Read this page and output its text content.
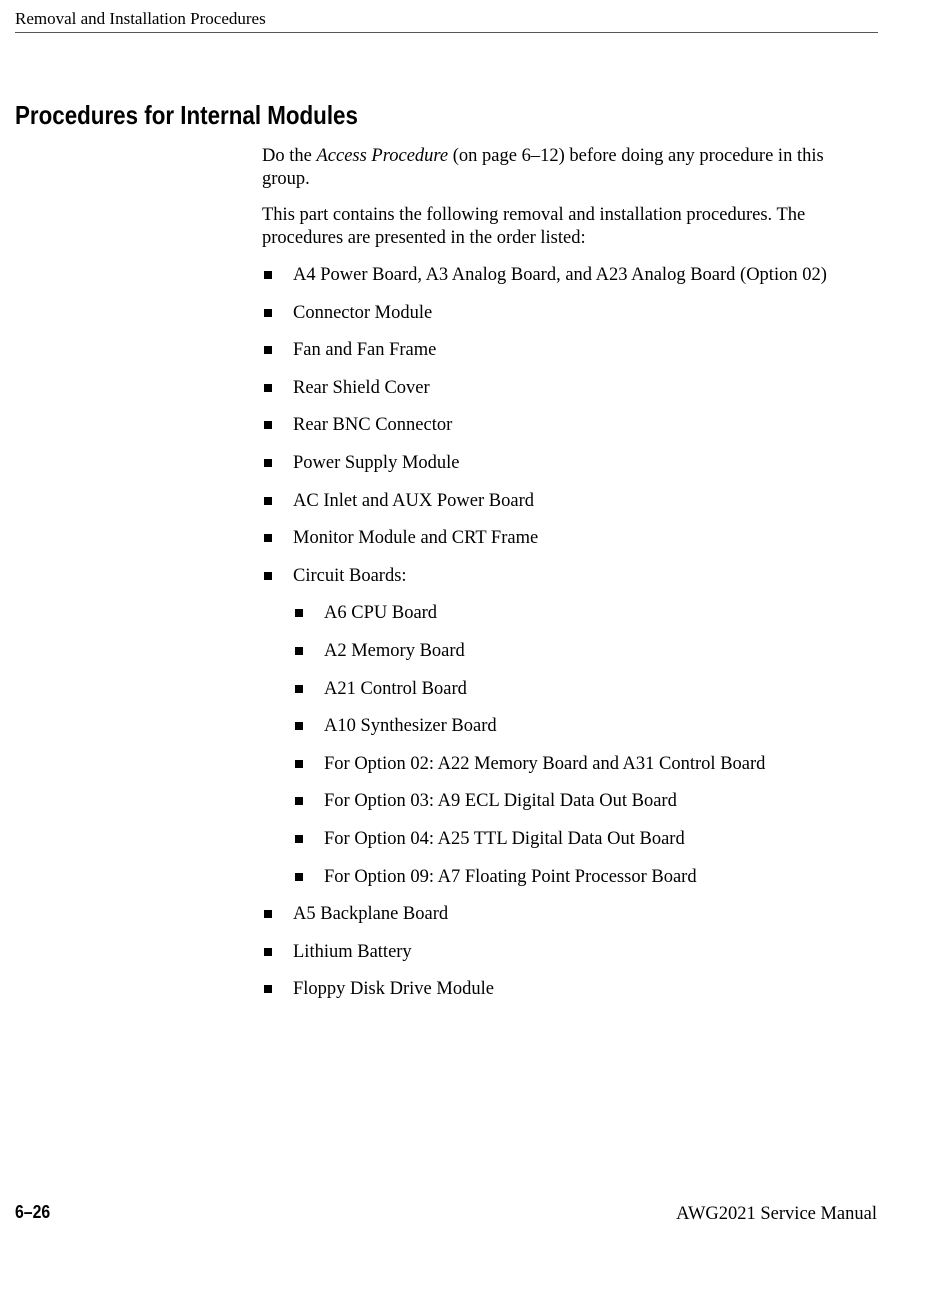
Removal and Installation Procedures
Procedures for Internal Modules

Do the Access Procedure (on page 6–12) before doing any procedure in this group.

This part contains the following removal and installation procedures. The procedures are presented in the order listed:

A4 Power Board, A3 Analog Board, and A23 Analog Board (Option 02)
Connector Module
Fan and Fan Frame
Rear Shield Cover
Rear BNC Connector
Power Supply Module
AC Inlet and AUX Power Board
Monitor Module and CRT Frame
Circuit Boards:
A6 CPU Board
A2 Memory Board
A21 Control Board
A10 Synthesizer Board
For Option 02: A22 Memory Board and A31 Control Board
For Option 03: A9 ECL Digital Data Out Board
For Option 04: A25 TTL Digital Data Out Board
For Option 09: A7 Floating Point Processor Board
A5 Backplane Board
Lithium Battery
Floppy Disk Drive Module
6–26	AWG2021 Service Manual
